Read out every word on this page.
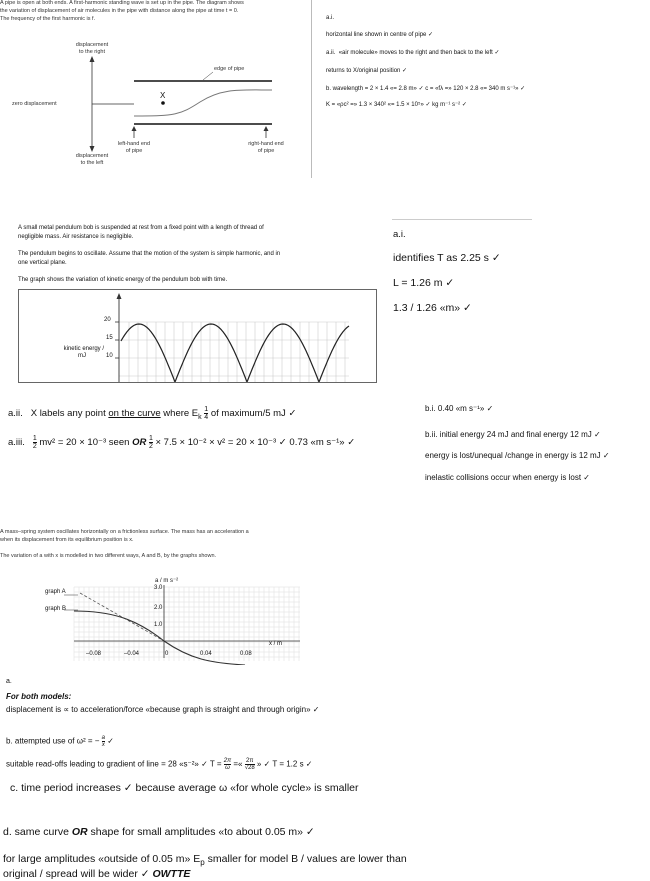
A pipe is open at both ends. A first-harmonic standing wave is set up in the pipe. The diagram shows
the variation of displacement of air molecules in the pipe with distance along the pipe at time t = 0.
The frequency of the first harmonic is f.
displacement
to the right
edge of pipe
zero displacement
X
left-hand end
of pipe
right-hand end
of pipe
displacement
to the left
a.i.
horizontal line shown in centre of pipe ✓
a.ii. «air molecule» moves to the right and then back to the left ✓
returns to X/original position ✓
b. wavelength = 2 × 1.4 «= 2.8 m» ✓ c = «fλ =» 120 × 2.8 «= 340 m s⁻¹» ✓
K = «ρc² =» 1.3 × 340² «= 1.5 × 10⁵» ✓ kg m⁻¹ s⁻² ✓
A small metal pendulum bob is suspended at rest from a fixed point with a length of thread of
negligible mass. Air resistance is negligible.
The pendulum begins to oscillate. Assume that the motion of the system is simple harmonic, and in
one vertical plane.
The graph shows the variation of kinetic energy of the pendulum bob with time.
20
15
10
kinetic energy /
mJ
a.i.
identifies T as 2.25 s ✓
L = 1.26 m ✓
1.3 / 1.26 «m» ✓
a.ii. X labels any point on the curve where $E_k \frac{1}{4}$ of maximum/5 mJ ✓
a.iii. $\frac{1}{2} mv^2 = 20 \times 10^{-3}$ seen OR $\frac{1}{2} \times 7.5 \times 10^{-2} \times v^2 = 20 \times 10^{-3}$ ✓ 0.73 «m s⁻¹» ✓
b.i. 0.40 «m s⁻¹» ✓
b.ii. initial energy 24 mJ and final energy 12 mJ ✓
energy is lost/unequal /change in energy is 12 mJ ✓
inelastic collisions occur when energy is lost ✓
A mass–spring system oscillates horizontally on a frictionless surface. The mass has an acceleration a
when its displacement from its equilibrium position is x.
The variation of a with x is modelled in two different ways, A and B, by the graphs shown.
a / m s⁻²
x / m
graph A
graph B
3.0
2.0
1.0
–0.08	–0.04	0	0.04	0.08
a.
For both models:
displacement is ∝ to acceleration/force «because graph is straight and through origin» ✓
b. attempted use of ω² = − $\frac{a}{x}$ ✓
suitable read-offs leading to gradient of line = 28 «s⁻²» ✓ $T = \frac{2\pi}{\omega}$ =« $\frac{2\pi}{√28}$ » ✓ T = 1.2 s ✓
c. time period increases ✓ because average ω «for whole cycle» is smaller
d. same curve OR shape for small amplitudes «to about 0.05 m» ✓
for large amplitudes «outside of 0.05 m» $E_p$ smaller for model B / values are lower than
original / spread will be wider ✓ OWTTE
